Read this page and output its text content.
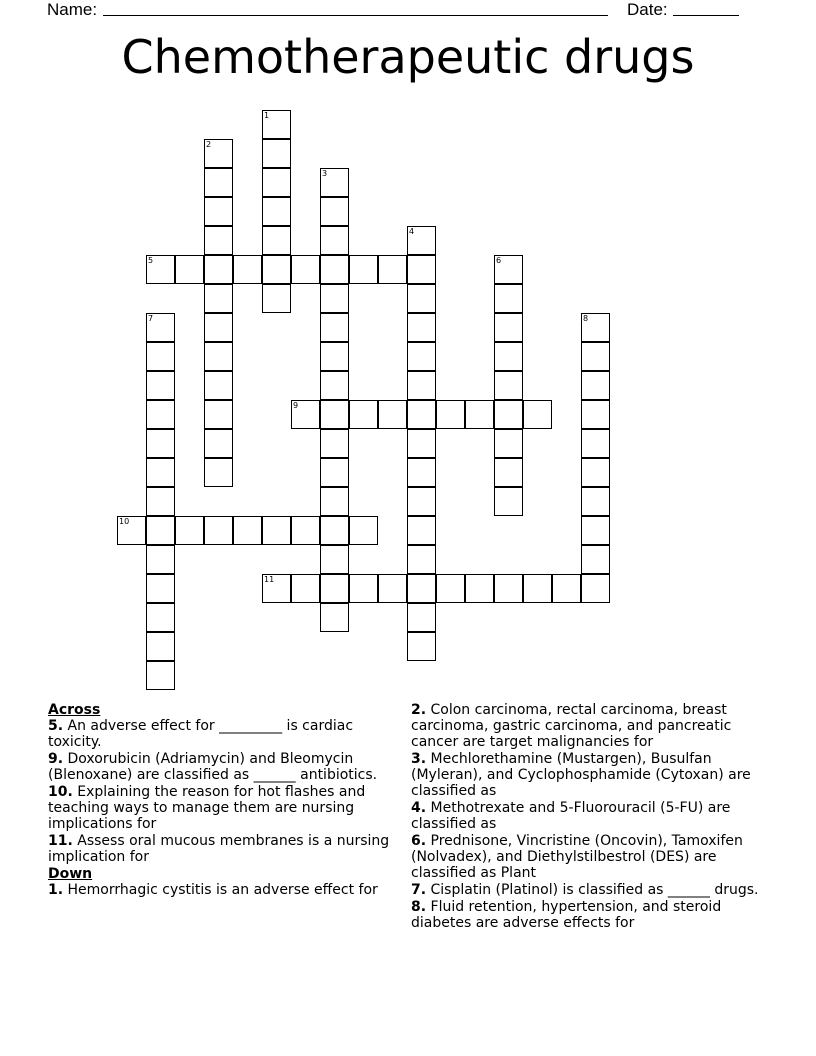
Name:	Date:
Chemotherapeutic drugs
1
2
3
4
5	6
7	8
9
10
11
Across
5. An adverse effect for _________ is cardiac toxicity.
9. Doxorubicin (Adriamycin) and Bleomycin (Blenoxane) are classified as ______ antibiotics.
10. Explaining the reason for hot flashes and teaching ways to manage them are nursing implications for
11. Assess oral mucous membranes is a nursing implication for
Down
1. Hemorrhagic cystitis is an adverse effect for
2. Colon carcinoma, rectal carcinoma, breast carcinoma, gastric carcinoma, and pancreatic cancer are target malignancies for
3. Mechlorethamine (Mustargen), Busulfan (Myleran), and Cyclophosphamide (Cytoxan) are classified as
4. Methotrexate and 5-Fluorouracil (5-FU) are classified as
6. Prednisone, Vincristine (Oncovin), Tamoxifen (Nolvadex), and Diethylstilbestrol (DES) are classified as Plant
7. Cisplatin (Platinol) is classified as ______ drugs.
8. Fluid retention, hypertension, and steroid diabetes are adverse effects for
